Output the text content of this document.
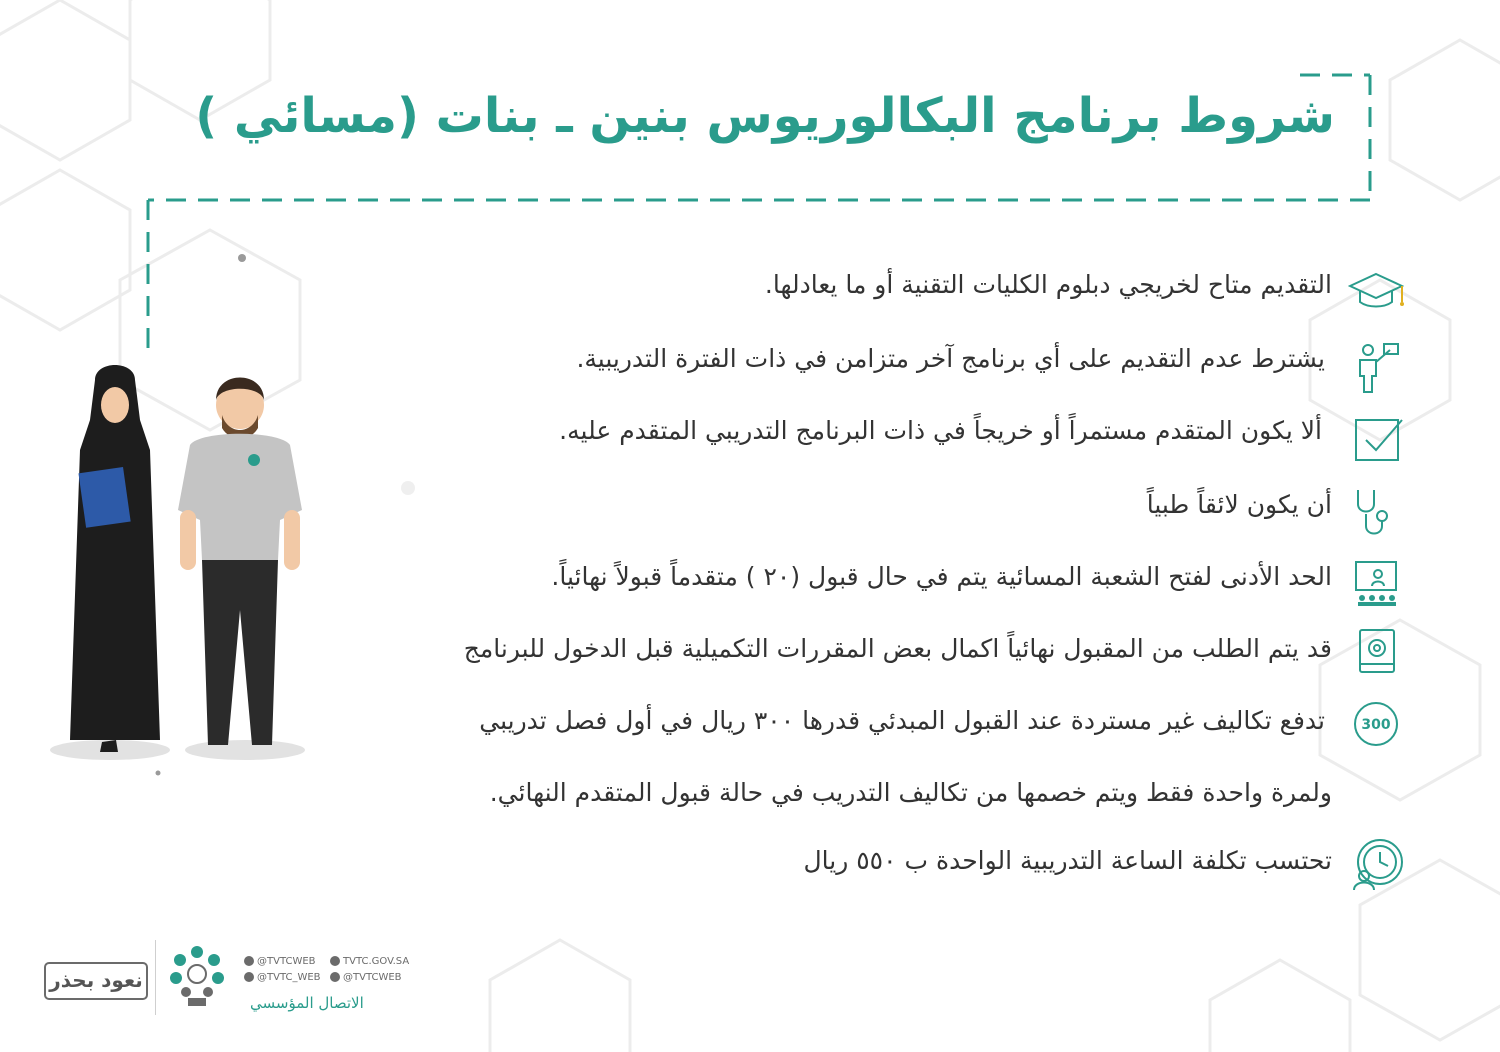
شروط برنامج البكالوريوس بنين ـ بنات (مسائي )

التقديم متاح لخريجي دبلوم الكليات التقنية أو ما يعادلها.

يشترط عدم التقديم على أي برنامج آخر متزامن في ذات الفترة التدريبية.

ألا يكون المتقدم مستمراً أو خريجاً في ذات البرنامج التدريبي المتقدم عليه.

أن يكون لائقاً طبياً

الحد الأدنى لفتح الشعبة المسائية يتم في حال قبول (٢٠ ) متقدماً قبولاً نهائياً.

قد يتم الطلب من المقبول نهائياً اكمال بعض المقررات التكميلية قبل الدخول للبرنامج

300

تدفع تكاليف غير مستردة عند القبول المبدئي قدرها ٣٠٠ ريال في أول فصل تدريبي

ولمرة واحدة فقط ويتم خصمها من تكاليف التدريب في حالة قبول المتقدم النهائي.

تحتسب تكلفة الساعة التدريبية الواحدة ب ٥٥٠ ريال

نعود بحذر
@TVTCWEB	TVTC.GOV.SA
@TVTC_WEB	@TVTCWEB
الاتصال المؤسسي
